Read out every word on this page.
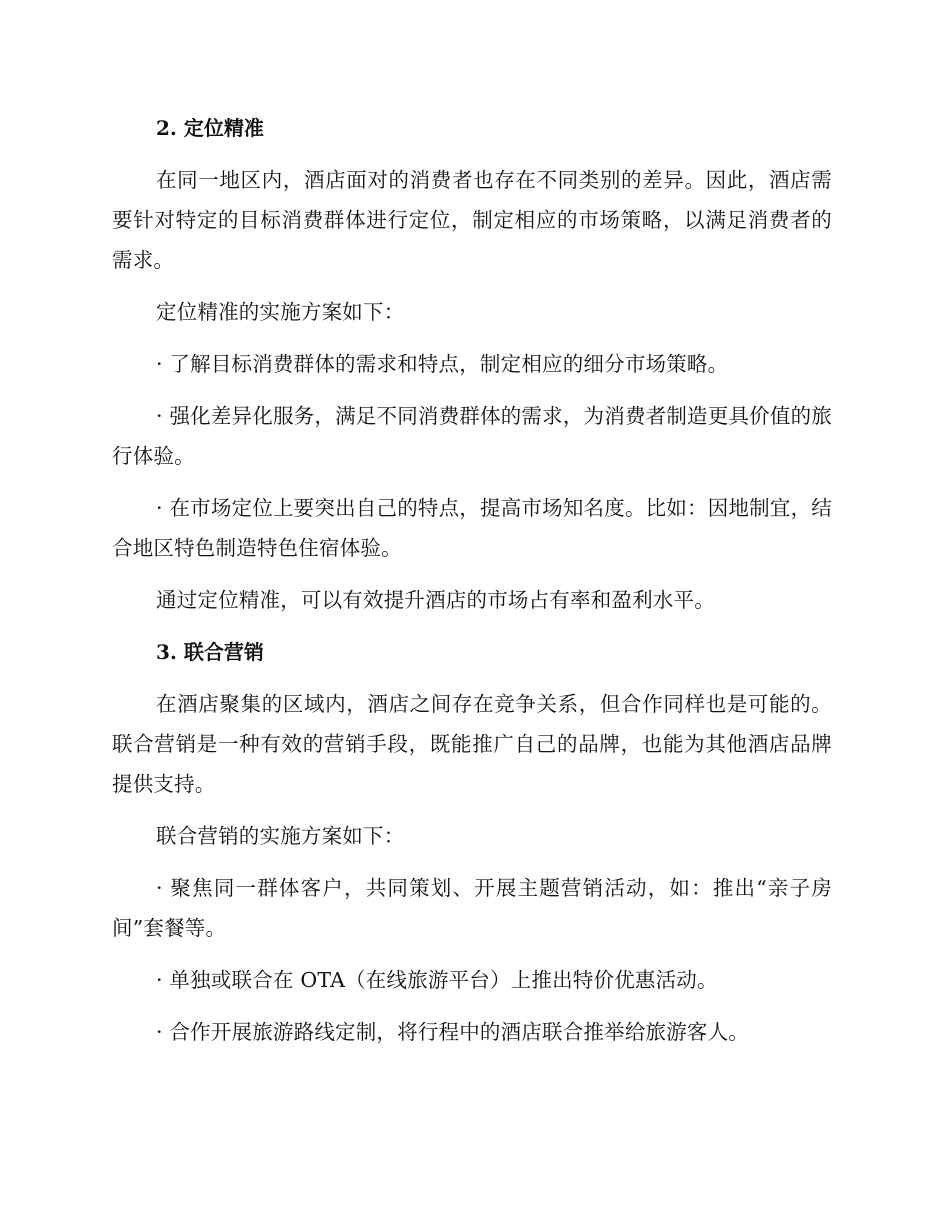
2. 定位精准

在同一地区内，酒店面对的消费者也存在不同类别的差异。因此，酒店需要针对特定的目标消费群体进行定位，制定相应的市场策略，以满足消费者的需求。

定位精准的实施方案如下：

· 了解目标消费群体的需求和特点，制定相应的细分市场策略。

· 强化差异化服务，满足不同消费群体的需求，为消费者制造更具价值的旅行体验。

· 在市场定位上要突出自己的特点，提高市场知名度。比如：因地制宜，结合地区特色制造特色住宿体验。

通过定位精准，可以有效提升酒店的市场占有率和盈利水平。

3. 联合营销

在酒店聚集的区域内，酒店之间存在竞争关系，但合作同样也是可能的。联合营销是一种有效的营销手段，既能推广自己的品牌，也能为其他酒店品牌提供支持。

联合营销的实施方案如下：

· 聚焦同一群体客户，共同策划、开展主题营销活动，如：推出“亲子房间”套餐等。

· 单独或联合在 OTA（在线旅游平台）上推出特价优惠活动。

· 合作开展旅游路线定制，将行程中的酒店联合推举给旅游客人。
